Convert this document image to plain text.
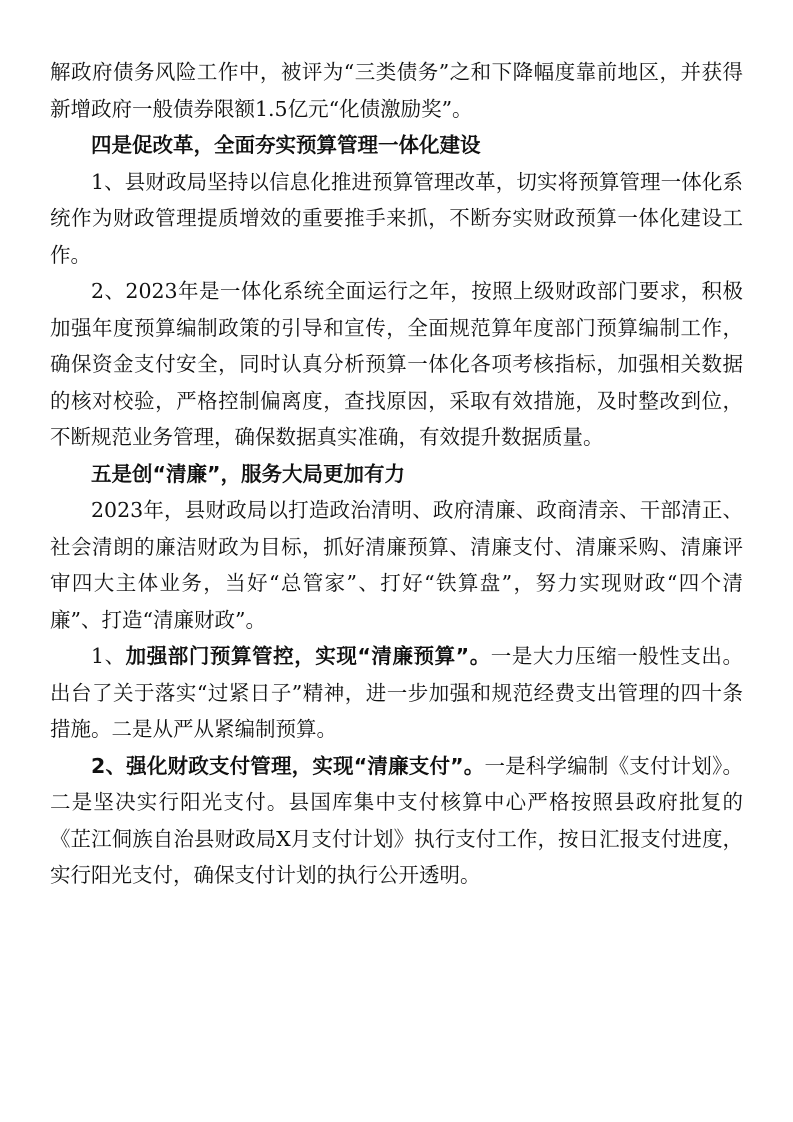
解政府债务风险工作中，被评为“三类债务”之和下降幅度靠前地区，并获得新增政府一般债券限额1.5亿元“化债激励奖”。

四是促改革，全面夯实预算管理一体化建设

1、县财政局坚持以信息化推进预算管理改革，切实将预算管理一体化系统作为财政管理提质增效的重要推手来抓，不断夯实财政预算一体化建设工作。

2、2023年是一体化系统全面运行之年，按照上级财政部门要求，积极加强年度预算编制政策的引导和宣传，全面规范算年度部门预算编制工作，确保资金支付安全，同时认真分析预算一体化各项考核指标，加强相关数据的核对校验，严格控制偏离度，查找原因，采取有效措施，及时整改到位，不断规范业务管理，确保数据真实准确，有效提升数据质量。

五是创“清廉”，服务大局更加有力

2023年，县财政局以打造政治清明、政府清廉、政商清亲、干部清正、社会清朗的廉洁财政为目标，抓好清廉预算、清廉支付、清廉采购、清廉评审四大主体业务，当好“总管家”、打好“铁算盘”，努力实现财政“四个清廉”、打造“清廉财政”。

1、加强部门预算管控，实现“清廉预算”。一是大力压缩一般性支出。出台了关于落实“过紧日子”精神，进一步加强和规范经费支出管理的四十条措施。二是从严从紧编制预算。

2、强化财政支付管理，实现“清廉支付”。一是科学编制《支付计划》。二是坚决实行阳光支付。县国库集中支付核算中心严格按照县政府批复的《芷江侗族自治县财政局X月支付计划》执行支付工作，按日汇报支付进度，实行阳光支付，确保支付计划的执行公开透明。
